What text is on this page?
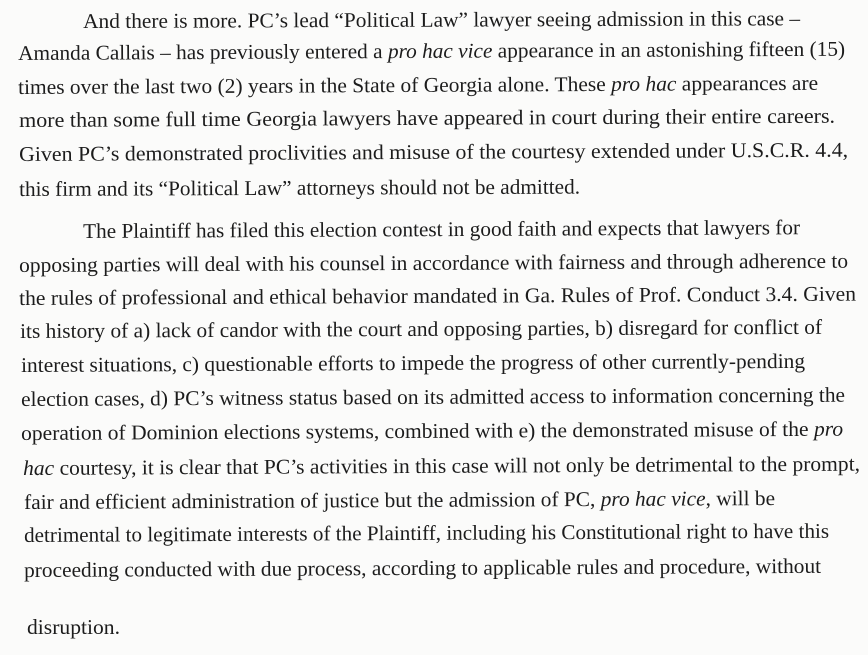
And there is more. PC’s lead “Political Law” lawyer seeing admission in this case –
Amanda Callais – has previously entered a pro hac vice appearance in an astonishing fifteen (15)
times over the last two (2) years in the State of Georgia alone. These pro hac appearances are
more than some full time Georgia lawyers have appeared in court during their entire careers.
Given PC’s demonstrated proclivities and misuse of the courtesy extended under U.S.C.R. 4.4,
this firm and its “Political Law” attorneys should not be admitted.
The Plaintiff has filed this election contest in good faith and expects that lawyers for
opposing parties will deal with his counsel in accordance with fairness and through adherence to
the rules of professional and ethical behavior mandated in Ga. Rules of Prof. Conduct 3.4. Given
its history of a) lack of candor with the court and opposing parties, b) disregard for conflict of
interest situations, c) questionable efforts to impede the progress of other currently-pending
election cases, d) PC’s witness status based on its admitted access to information concerning the
operation of Dominion elections systems, combined with e) the demonstrated misuse of the pro
hac courtesy, it is clear that PC’s activities in this case will not only be detrimental to the prompt,
fair and efficient administration of justice but the admission of PC, pro hac vice, will be
detrimental to legitimate interests of the Plaintiff, including his Constitutional right to have this
proceeding conducted with due process, according to applicable rules and procedure, without
disruption.
